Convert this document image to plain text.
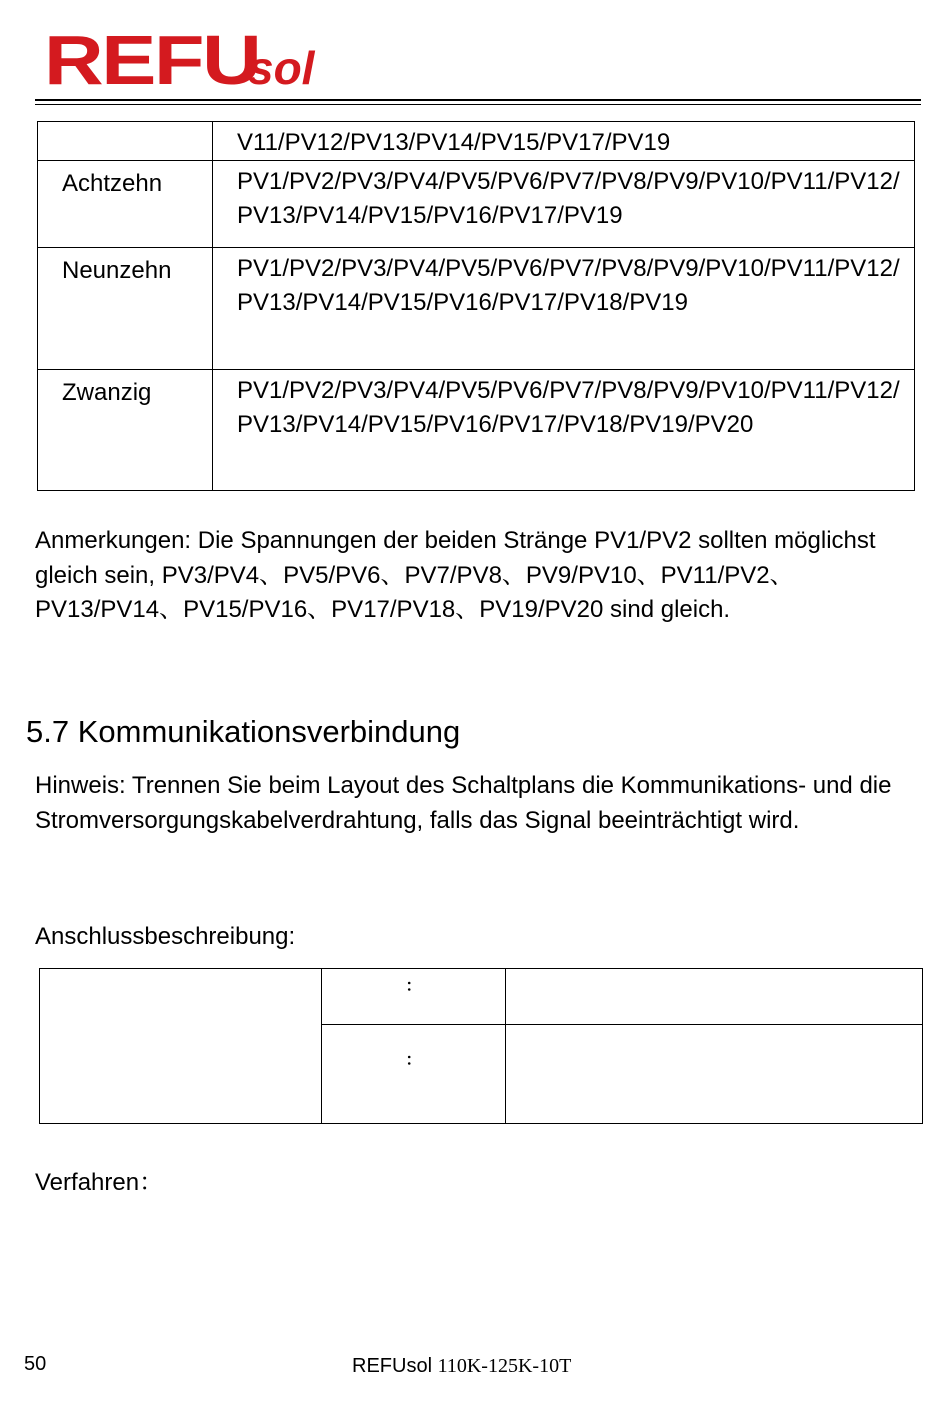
REFU
sol
	V11/PV12/PV13/PV14/PV15/PV17/PV19
Achtzehn	PV1/PV2/PV3/PV4/PV5/PV6/PV7/PV8/PV9/PV10/PV11/PV12/PV13/PV14/PV15/PV16/PV17/PV19
Neunzehn	PV1/PV2/PV3/PV4/PV5/PV6/PV7/PV8/PV9/PV10/PV11/PV12/PV13/PV14/PV15/PV16/PV17/PV18/PV19
Zwanzig	PV1/PV2/PV3/PV4/PV5/PV6/PV7/PV8/PV9/PV10/PV11/PV12/PV13/PV14/PV15/PV16/PV17/PV18/PV19/PV20
Anmerkungen: Die Spannungen der beiden Stränge PV1/PV2 sollten möglichst gleich sein, PV3/PV4、PV5/PV6、PV7/PV8、PV9/PV10、PV11/PV2、PV13/PV14、PV15/PV16、PV17/PV18、PV19/PV20 sind gleich.
5.7 Kommunikationsverbindung
Hinweis: Trennen Sie beim Layout des Schaltplans die Kommunikations- und die Stromversorgungskabelverdrahtung, falls das Signal beeinträchtigt wird.
Anschlussbeschreibung:

	：	

	：	

Verfahren：
50	REFUsol 110K-125K-10T
